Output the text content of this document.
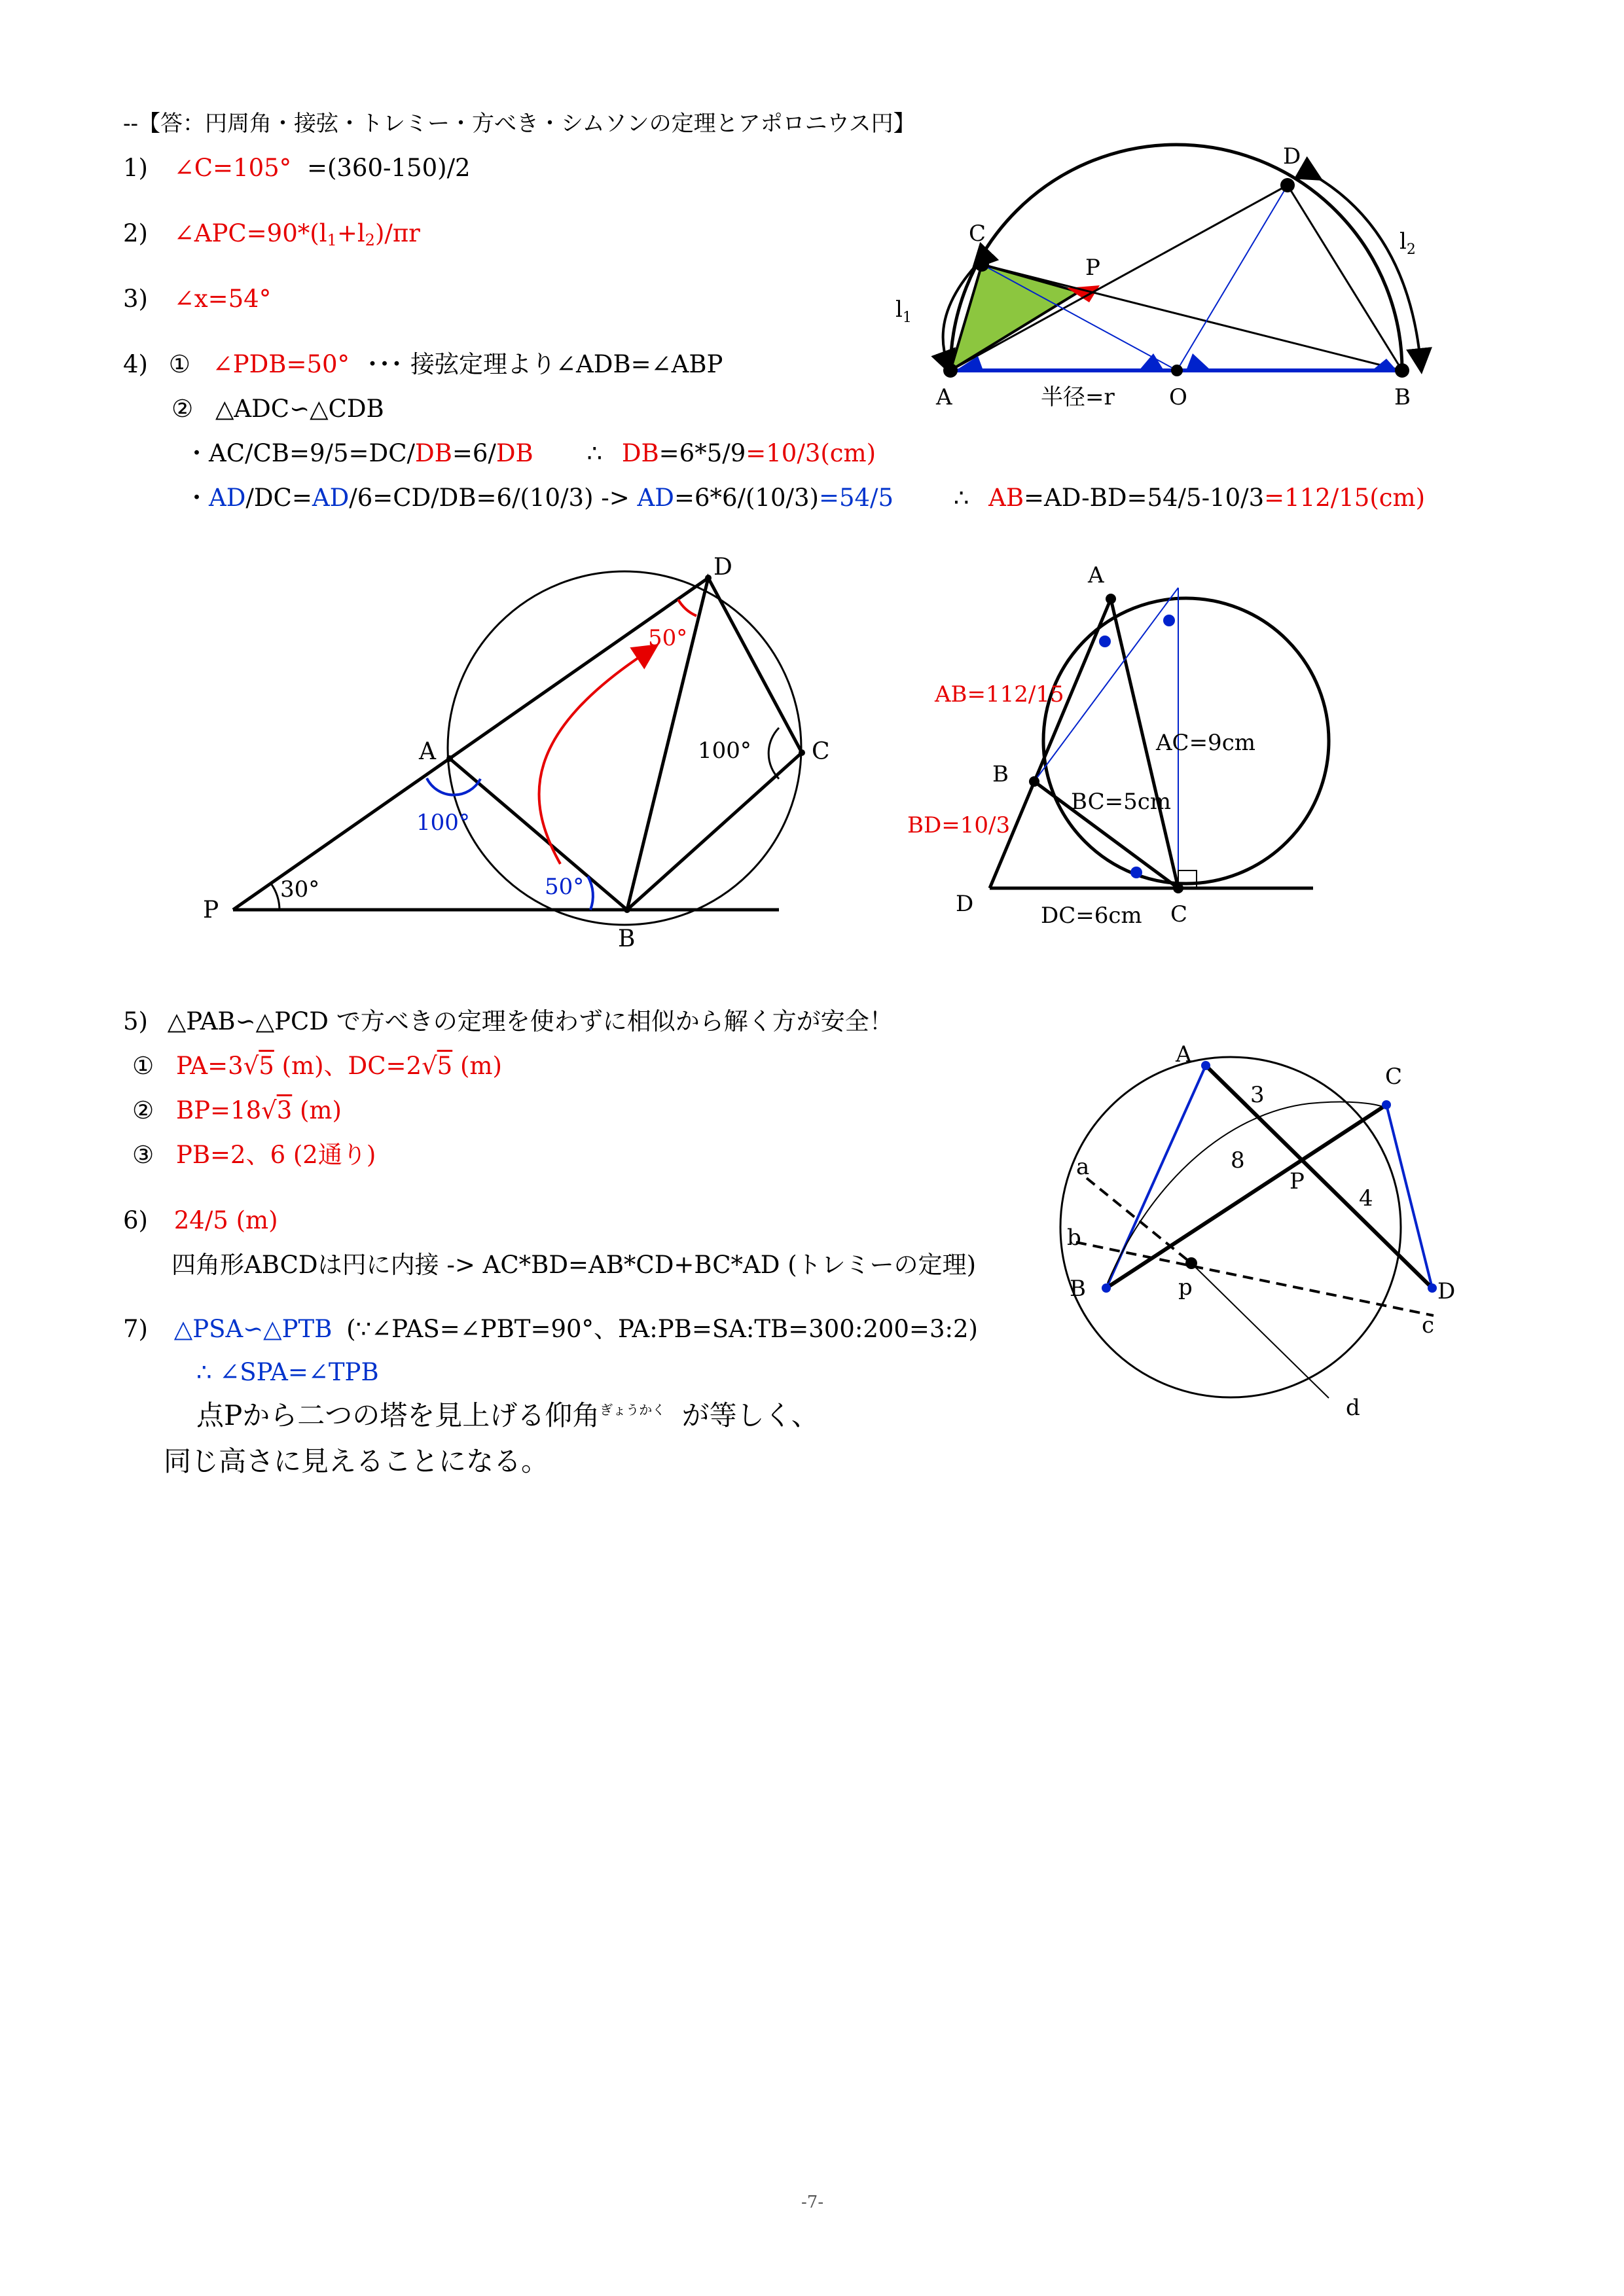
--【答：円周角・接弦・トレミー・方べき・シムソンの定理とアポロニウス円】
1) ∠C=105° =(360-150)/2
2) $\angle APC=90*(l_1+l_2)/\pi r$
3) ∠x=54°
4) ① ∠PDB=50° ･･･ 接弦定理より∠ADB=∠ABP
② △ADC∽△CDB
・AC/CB=9/5=DC/DB=6/DB ∴ DB=6*5/9=10/3(cm)
・AD/DC=AD/6=CD/DB=6/(10/3) -> AD=6*6/(10/3)=54/5 ∴ AB=AD-BD=54/5-10/3=112/15(cm)
5) △PAB∽△PCD で方べきの定理を使わずに相似から解く方が安全！
① PA=3√5 (m)、DC=2√5 (m)
② BP=18√3 (m)
③ PB=2、6 (2通り)
6) 24/5 (m)
四角形ABCDは円に内接 -> AC*BD=AB*CD+BC*AD (トレミーの定理)
7) △PSA∽△PTB (∵∠PAS=∠PBT=90°、PA:PB=SA:TB=300:200=3:2)
∴ ∠SPA=∠TPB
点Pから二つの塔を見上げる仰角$^{ぎょうかく}$ が等しく、
同じ高さに見えることになる。
-7-
A
C
P
D
O	B
半径=r
$l_1$
$l_2$
P
A
B
C
D
30°
100°
50°
50°
100°
A
B
C
D
AB=112/15
BD=10/3
AC=9cm
BC=5cm
DC=6cm
A
B
C
D
P
p
3
8
4
a
b
c
d
